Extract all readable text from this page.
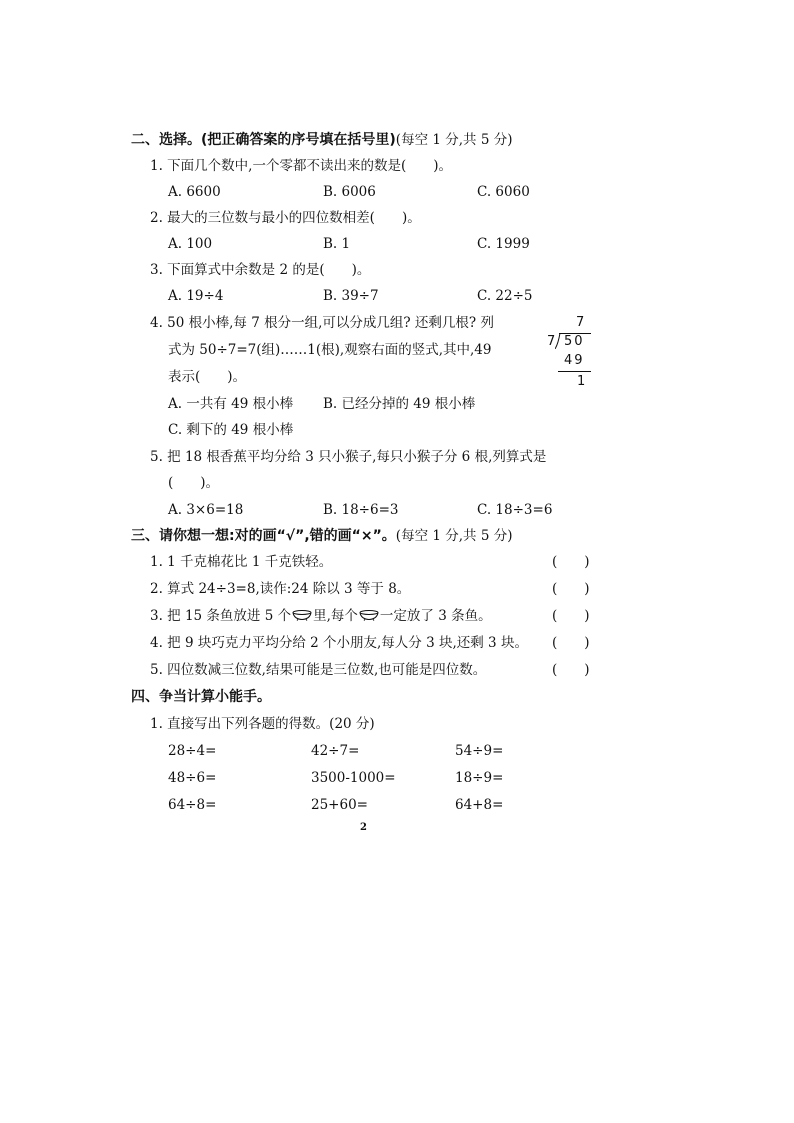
二、选择。(把正确答案的序号填在括号里)(每空 1 分,共 5 分)
1. 下面几个数中,一个零都不读出来的数是(　　)。
A. 6600	B. 6006	C. 6060
2. 最大的三位数与最小的四位数相差(　　)。
A. 100	B. 1	C. 1999
3. 下面算式中余数是 2 的是(　　)。
A. 19÷4	B. 39÷7	C. 22÷5
4. 50 根小棒,每 7 根分一组,可以分成几组? 还剩几根? 列
式为 50÷7=7(组)……1(根),观察右面的竖式,其中,49
表示(　　)。
7
7 50
49
1
A. 一共有 49 根小棒 B. 已经分掉的 49 根小棒
C. 剩下的 49 根小棒
5. 把 18 根香蕉平均分给 3 只小猴子,每只小猴子分 6 根,列算式是
(　　)。
A. 3×6=18	B. 18÷6=3	C. 18÷3=6
三、请你想一想:对的画“√”,错的画“×”。(每空 1 分,共 5 分)
1. 1 千克棉花比 1 千克铁轻。	(　　)
2. 算式 24÷3=8,读作:24 除以 3 等于 8。	(　　)
3. 把 15 条鱼放进 5 个 里,每个 一定放了 3 条鱼。	(　　)
4. 把 9 块巧克力平均分给 2 个小朋友,每人分 3 块,还剩 3 块。 (　　)
5. 四位数减三位数,结果可能是三位数,也可能是四位数。	(　　)
四、争当计算小能手。
1. 直接写出下列各题的得数。(20 分)
28÷4=	42÷7=	54÷9=
48÷6=	3500-1000=	18÷9=
64÷8=	25+60=	64+8=
2
